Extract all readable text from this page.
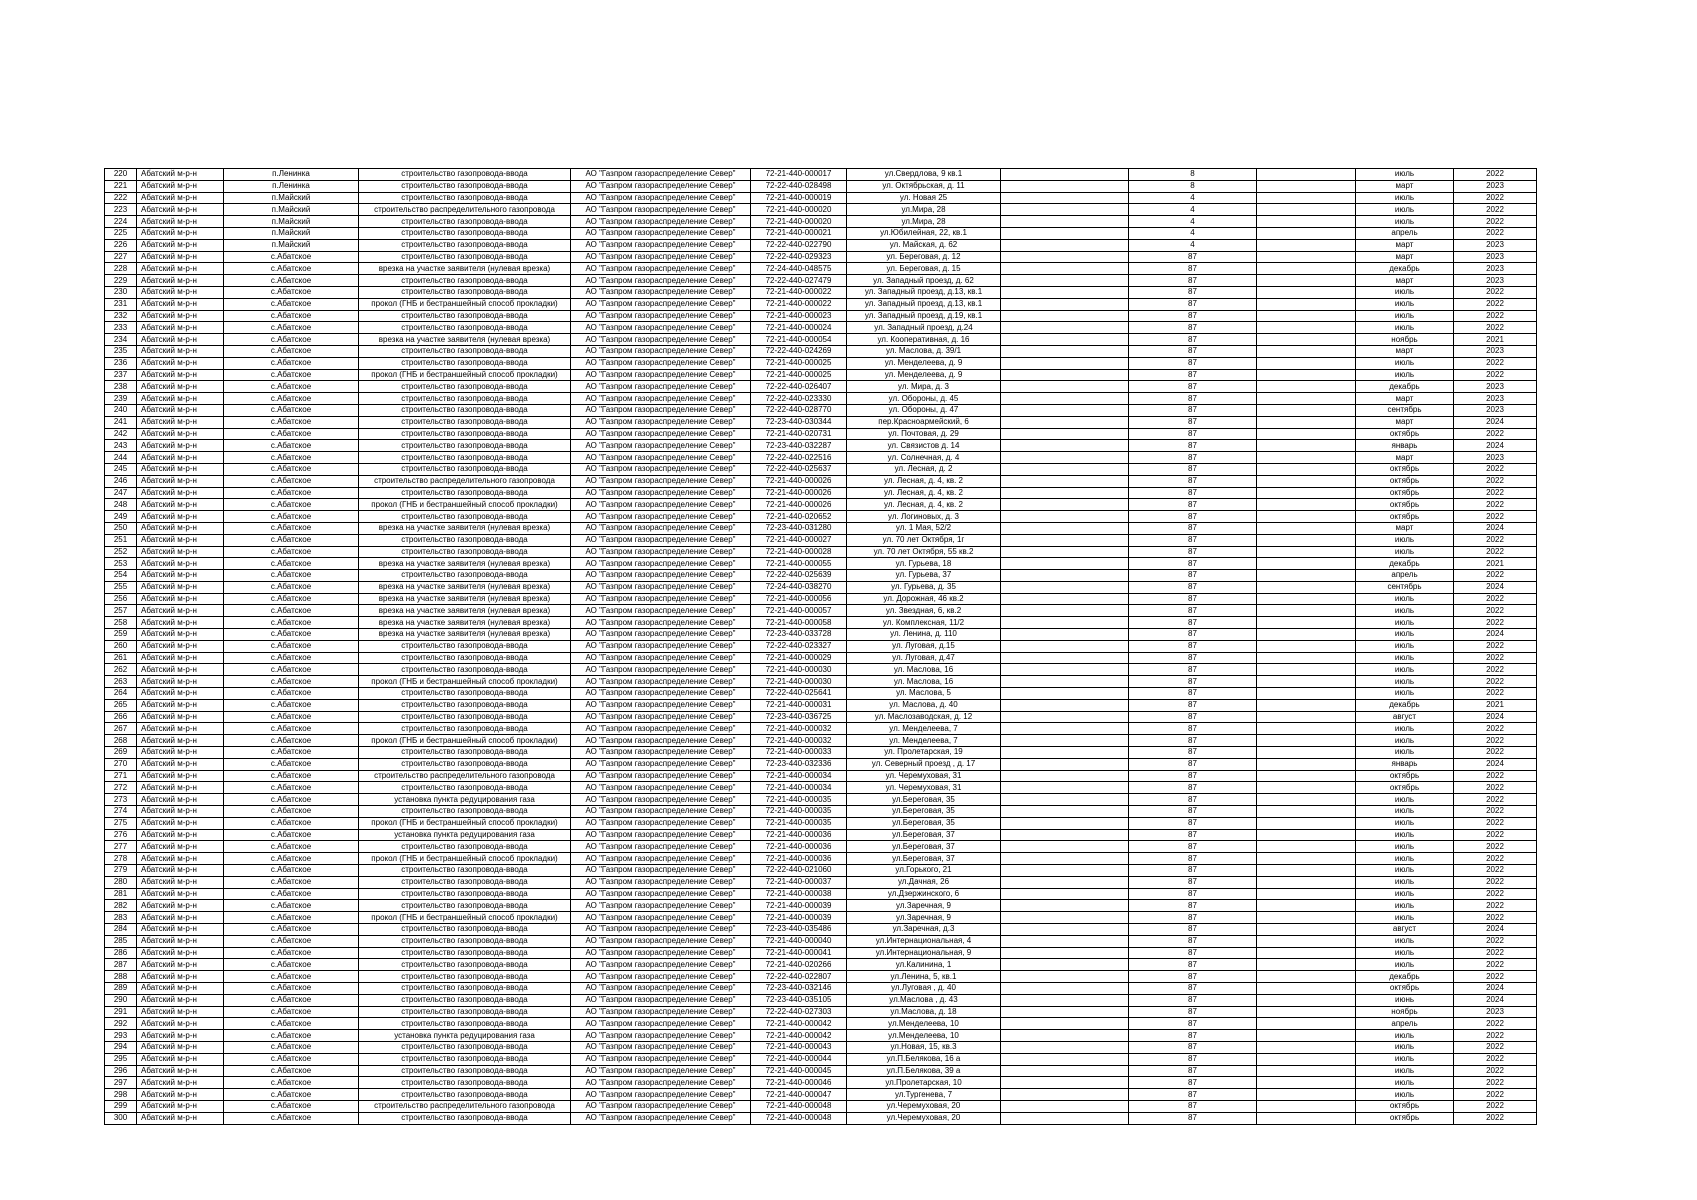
220	Абатский м-р-н	п.Ленинка	строительство газопровода-ввода	АО "Газпром газораспределение Север"	72-21-440-000017	ул.Свердлова, 9 кв.1		8		июль	2022
221	Абатский м-р-н	п.Ленинка	строительство газопровода-ввода	АО "Газпром газораспределение Север"	72-22-440-028498	ул. Октябрьская, д. 11		8		март	2023
222	Абатский м-р-н	п.Майский	строительство газопровода-ввода	АО "Газпром газораспределение Север"	72-21-440-000019	ул. Новая 25		4		июль	2022
223	Абатский м-р-н	п.Майский	строительство распределительного газопровода	АО "Газпром газораспределение Север"	72-21-440-000020	ул.Мира, 28		4		июль	2022
224	Абатский м-р-н	п.Майский	строительство газопровода-ввода	АО "Газпром газораспределение Север"	72-21-440-000020	ул.Мира, 28		4		июль	2022
225	Абатский м-р-н	п.Майский	строительство газопровода-ввода	АО "Газпром газораспределение Север"	72-21-440-000021	ул.Юбилейная, 22, кв.1		4		апрель	2022
226	Абатский м-р-н	п.Майский	строительство газопровода-ввода	АО "Газпром газораспределение Север"	72-22-440-022790	ул. Майская, д. 62		4		март	2023
227	Абатский м-р-н	с.Абатское	строительство газопровода-ввода	АО "Газпром газораспределение Север"	72-22-440-029323	ул. Береговая, д. 12		87		март	2023
228	Абатский м-р-н	с.Абатское	врезка на участке заявителя (нулевая врезка)	АО "Газпром газораспределение Север"	72-24-440-048575	ул. Береговая, д. 15		87		декабрь	2023
229	Абатский м-р-н	с.Абатское	строительство газопровода-ввода	АО "Газпром газораспределение Север"	72-22-440-027479	ул. Западный проезд, д. 62		87		март	2023
230	Абатский м-р-н	с.Абатское	строительство газопровода-ввода	АО "Газпром газораспределение Север"	72-21-440-000022	ул. Западный проезд, д.13, кв.1		87		июль	2022
231	Абатский м-р-н	с.Абатское	прокол (ГНБ и бестраншейный способ прокладки)	АО "Газпром газораспределение Север"	72-21-440-000022	ул. Западный проезд, д.13, кв.1		87		июль	2022
232	Абатский м-р-н	с.Абатское	строительство газопровода-ввода	АО "Газпром газораспределение Север"	72-21-440-000023	ул. Западный проезд, д.19, кв.1		87		июль	2022
233	Абатский м-р-н	с.Абатское	строительство газопровода-ввода	АО "Газпром газораспределение Север"	72-21-440-000024	ул. Западный проезд, д.24		87		июль	2022
234	Абатский м-р-н	с.Абатское	врезка на участке заявителя (нулевая врезка)	АО "Газпром газораспределение Север"	72-21-440-000054	ул. Кооперативная, д. 16		87		ноябрь	2021
235	Абатский м-р-н	с.Абатское	строительство газопровода-ввода	АО "Газпром газораспределение Север"	72-22-440-024269	ул. Маслова, д. 39/1		87		март	2023
236	Абатский м-р-н	с.Абатское	строительство газопровода-ввода	АО "Газпром газораспределение Север"	72-21-440-000025	ул. Менделеева, д. 9		87		июль	2022
237	Абатский м-р-н	с.Абатское	прокол (ГНБ и бестраншейный способ прокладки)	АО "Газпром газораспределение Север"	72-21-440-000025	ул. Менделеева, д. 9		87		июль	2022
238	Абатский м-р-н	с.Абатское	строительство газопровода-ввода	АО "Газпром газораспределение Север"	72-22-440-026407	ул. Мира, д. 3		87		декабрь	2023
239	Абатский м-р-н	с.Абатское	строительство газопровода-ввода	АО "Газпром газораспределение Север"	72-22-440-023330	ул. Обороны, д. 45		87		март	2023
240	Абатский м-р-н	с.Абатское	строительство газопровода-ввода	АО "Газпром газораспределение Север"	72-22-440-028770	ул. Обороны, д. 47		87		сентябрь	2023
241	Абатский м-р-н	с.Абатское	строительство газопровода-ввода	АО "Газпром газораспределение Север"	72-23-440-030344	пер.Красноармейский, 6		87		март	2024
242	Абатский м-р-н	с.Абатское	строительство газопровода-ввода	АО "Газпром газораспределение Север"	72-21-440-020731	ул. Почтовая, д. 29		87		октябрь	2022
243	Абатский м-р-н	с.Абатское	строительство газопровода-ввода	АО "Газпром газораспределение Север"	72-23-440-032287	ул. Связистов д. 14		87		январь	2024
244	Абатский м-р-н	с.Абатское	строительство газопровода-ввода	АО "Газпром газораспределение Север"	72-22-440-022516	ул. Солнечная, д. 4		87		март	2023
245	Абатский м-р-н	с.Абатское	строительство газопровода-ввода	АО "Газпром газораспределение Север"	72-22-440-025637	ул. Лесная, д. 2		87		октябрь	2022
246	Абатский м-р-н	с.Абатское	строительство распределительного газопровода	АО "Газпром газораспределение Север"	72-21-440-000026	ул. Лесная, д. 4, кв. 2		87		октябрь	2022
247	Абатский м-р-н	с.Абатское	строительство газопровода-ввода	АО "Газпром газораспределение Север"	72-21-440-000026	ул. Лесная, д. 4, кв. 2		87		октябрь	2022
248	Абатский м-р-н	с.Абатское	прокол (ГНБ и бестраншейный способ прокладки)	АО "Газпром газораспределение Север"	72-21-440-000026	ул. Лесная, д. 4, кв. 2		87		октябрь	2022
249	Абатский м-р-н	с.Абатское	строительство газопровода-ввода	АО "Газпром газораспределение Север"	72-21-440-020652	ул. Логиновых, д. 3		87		октябрь	2022
250	Абатский м-р-н	с.Абатское	врезка на участке заявителя (нулевая врезка)	АО "Газпром газораспределение Север"	72-23-440-031280	ул. 1 Мая, 52/2		87		март	2024
251	Абатский м-р-н	с.Абатское	строительство газопровода-ввода	АО "Газпром газораспределение Север"	72-21-440-000027	ул. 70 лет Октября, 1г		87		июль	2022
252	Абатский м-р-н	с.Абатское	строительство газопровода-ввода	АО "Газпром газораспределение Север"	72-21-440-000028	ул. 70 лет Октября, 55 кв.2		87		июль	2022
253	Абатский м-р-н	с.Абатское	врезка на участке заявителя (нулевая врезка)	АО "Газпром газораспределение Север"	72-21-440-000055	ул. Гурьева, 18		87		декабрь	2021
254	Абатский м-р-н	с.Абатское	строительство газопровода-ввода	АО "Газпром газораспределение Север"	72-22-440-025639	ул. Гурьева, 37		87		апрель	2022
255	Абатский м-р-н	с.Абатское	врезка на участке заявителя (нулевая врезка)	АО "Газпром газораспределение Север"	72-24-440-038270	ул. Гурьева, д. 35		87		сентябрь	2024
256	Абатский м-р-н	с.Абатское	врезка на участке заявителя (нулевая врезка)	АО "Газпром газораспределение Север"	72-21-440-000056	ул. Дорожная, 46 кв.2		87		июль	2022
257	Абатский м-р-н	с.Абатское	врезка на участке заявителя (нулевая врезка)	АО "Газпром газораспределение Север"	72-21-440-000057	ул. Звездная, 6, кв.2		87		июль	2022
258	Абатский м-р-н	с.Абатское	врезка на участке заявителя (нулевая врезка)	АО "Газпром газораспределение Север"	72-21-440-000058	ул. Комплексная, 11/2		87		июль	2022
259	Абатский м-р-н	с.Абатское	врезка на участке заявителя (нулевая врезка)	АО "Газпром газораспределение Север"	72-23-440-033728	ул. Ленина, д. 110		87		июль	2024
260	Абатский м-р-н	с.Абатское	строительство газопровода-ввода	АО "Газпром газораспределение Север"	72-22-440-023327	ул. Луговая, д.15		87		июль	2022
261	Абатский м-р-н	с.Абатское	строительство газопровода-ввода	АО "Газпром газораспределение Север"	72-21-440-000029	ул. Луговая, д.47		87		июль	2022
262	Абатский м-р-н	с.Абатское	строительство газопровода-ввода	АО "Газпром газораспределение Север"	72-21-440-000030	ул. Маслова, 16		87		июль	2022
263	Абатский м-р-н	с.Абатское	прокол (ГНБ и бестраншейный способ прокладки)	АО "Газпром газораспределение Север"	72-21-440-000030	ул. Маслова, 16		87		июль	2022
264	Абатский м-р-н	с.Абатское	строительство газопровода-ввода	АО "Газпром газораспределение Север"	72-22-440-025641	ул. Маслова, 5		87		июль	2022
265	Абатский м-р-н	с.Абатское	строительство газопровода-ввода	АО "Газпром газораспределение Север"	72-21-440-000031	ул. Маслова, д. 40		87		декабрь	2021
266	Абатский м-р-н	с.Абатское	строительство газопровода-ввода	АО "Газпром газораспределение Север"	72-23-440-036725	ул. Маслозаводская, д. 12		87		август	2024
267	Абатский м-р-н	с.Абатское	строительство газопровода-ввода	АО "Газпром газораспределение Север"	72-21-440-000032	ул. Менделеева, 7		87		июль	2022
268	Абатский м-р-н	с.Абатское	прокол (ГНБ и бестраншейный способ прокладки)	АО "Газпром газораспределение Север"	72-21-440-000032	ул. Менделеева, 7		87		июль	2022
269	Абатский м-р-н	с.Абатское	строительство газопровода-ввода	АО "Газпром газораспределение Север"	72-21-440-000033	ул. Пролетарская, 19		87		июль	2022
270	Абатский м-р-н	с.Абатское	строительство газопровода-ввода	АО "Газпром газораспределение Север"	72-23-440-032336	ул. Северный проезд , д. 17		87		январь	2024
271	Абатский м-р-н	с.Абатское	строительство распределительного газопровода	АО "Газпром газораспределение Север"	72-21-440-000034	ул. Черемуховая, 31		87		октябрь	2022
272	Абатский м-р-н	с.Абатское	строительство газопровода-ввода	АО "Газпром газораспределение Север"	72-21-440-000034	ул. Черемуховая, 31		87		октябрь	2022
273	Абатский м-р-н	с.Абатское	установка пункта редуцирования газа	АО "Газпром газораспределение Север"	72-21-440-000035	ул.Береговая, 35		87		июль	2022
274	Абатский м-р-н	с.Абатское	строительство газопровода-ввода	АО "Газпром газораспределение Север"	72-21-440-000035	ул.Береговая, 35		87		июль	2022
275	Абатский м-р-н	с.Абатское	прокол (ГНБ и бестраншейный способ прокладки)	АО "Газпром газораспределение Север"	72-21-440-000035	ул.Береговая, 35		87		июль	2022
276	Абатский м-р-н	с.Абатское	установка пункта редуцирования газа	АО "Газпром газораспределение Север"	72-21-440-000036	ул.Береговая, 37		87		июль	2022
277	Абатский м-р-н	с.Абатское	строительство газопровода-ввода	АО "Газпром газораспределение Север"	72-21-440-000036	ул.Береговая, 37		87		июль	2022
278	Абатский м-р-н	с.Абатское	прокол (ГНБ и бестраншейный способ прокладки)	АО "Газпром газораспределение Север"	72-21-440-000036	ул.Береговая, 37		87		июль	2022
279	Абатский м-р-н	с.Абатское	строительство газопровода-ввода	АО "Газпром газораспределение Север"	72-22-440-021060	ул.Горького, 21		87		июль	2022
280	Абатский м-р-н	с.Абатское	строительство газопровода-ввода	АО "Газпром газораспределение Север"	72-21-440-000037	ул.Дачная, 26		87		июль	2022
281	Абатский м-р-н	с.Абатское	строительство газопровода-ввода	АО "Газпром газораспределение Север"	72-21-440-000038	ул.Дзержинского, 6		87		июль	2022
282	Абатский м-р-н	с.Абатское	строительство газопровода-ввода	АО "Газпром газораспределение Север"	72-21-440-000039	ул.Заречная, 9		87		июль	2022
283	Абатский м-р-н	с.Абатское	прокол (ГНБ и бестраншейный способ прокладки)	АО "Газпром газораспределение Север"	72-21-440-000039	ул.Заречная, 9		87		июль	2022
284	Абатский м-р-н	с.Абатское	строительство газопровода-ввода	АО "Газпром газораспределение Север"	72-23-440-035486	ул.Заречная, д.3		87		август	2024
285	Абатский м-р-н	с.Абатское	строительство газопровода-ввода	АО "Газпром газораспределение Север"	72-21-440-000040	ул.Интернациональная, 4		87		июль	2022
286	Абатский м-р-н	с.Абатское	строительство газопровода-ввода	АО "Газпром газораспределение Север"	72-21-440-000041	ул.Интернациональная, 9		87		июль	2022
287	Абатский м-р-н	с.Абатское	строительство газопровода-ввода	АО "Газпром газораспределение Север"	72-21-440-020266	ул.Калинина, 1		87		июль	2022
288	Абатский м-р-н	с.Абатское	строительство газопровода-ввода	АО "Газпром газораспределение Север"	72-22-440-022807	ул.Ленина, 5, кв.1		87		декабрь	2022
289	Абатский м-р-н	с.Абатское	строительство газопровода-ввода	АО "Газпром газораспределение Север"	72-23-440-032146	ул.Луговая , д. 40		87		октябрь	2024
290	Абатский м-р-н	с.Абатское	строительство газопровода-ввода	АО "Газпром газораспределение Север"	72-23-440-035105	ул.Маслова , д. 43		87		июнь	2024
291	Абатский м-р-н	с.Абатское	строительство газопровода-ввода	АО "Газпром газораспределение Север"	72-22-440-027303	ул.Маслова, д. 18		87		ноябрь	2023
292	Абатский м-р-н	с.Абатское	строительство газопровода-ввода	АО "Газпром газораспределение Север"	72-21-440-000042	ул.Менделеева, 10		87		апрель	2022
293	Абатский м-р-н	с.Абатское	установка пункта редуцирования газа	АО "Газпром газораспределение Север"	72-21-440-000042	ул.Менделеева, 10		87		июль	2022
294	Абатский м-р-н	с.Абатское	строительство газопровода-ввода	АО "Газпром газораспределение Север"	72-21-440-000043	ул.Новая, 15, кв.3		87		июль	2022
295	Абатский м-р-н	с.Абатское	строительство газопровода-ввода	АО "Газпром газораспределение Север"	72-21-440-000044	ул.П.Белякова, 16 а		87		июль	2022
296	Абатский м-р-н	с.Абатское	строительство газопровода-ввода	АО "Газпром газораспределение Север"	72-21-440-000045	ул.П.Белякова, 39 а		87		июль	2022
297	Абатский м-р-н	с.Абатское	строительство газопровода-ввода	АО "Газпром газораспределение Север"	72-21-440-000046	ул.Пролетарская, 10		87		июль	2022
298	Абатский м-р-н	с.Абатское	строительство газопровода-ввода	АО "Газпром газораспределение Север"	72-21-440-000047	ул.Тургенева, 7		87		июль	2022
299	Абатский м-р-н	с.Абатское	строительство распределительного газопровода	АО "Газпром газораспределение Север"	72-21-440-000048	ул.Черемуховая, 20		87		октябрь	2022
300	Абатский м-р-н	с.Абатское	строительство газопровода-ввода	АО "Газпром газораспределение Север"	72-21-440-000048	ул.Черемуховая, 20		87		октябрь	2022
